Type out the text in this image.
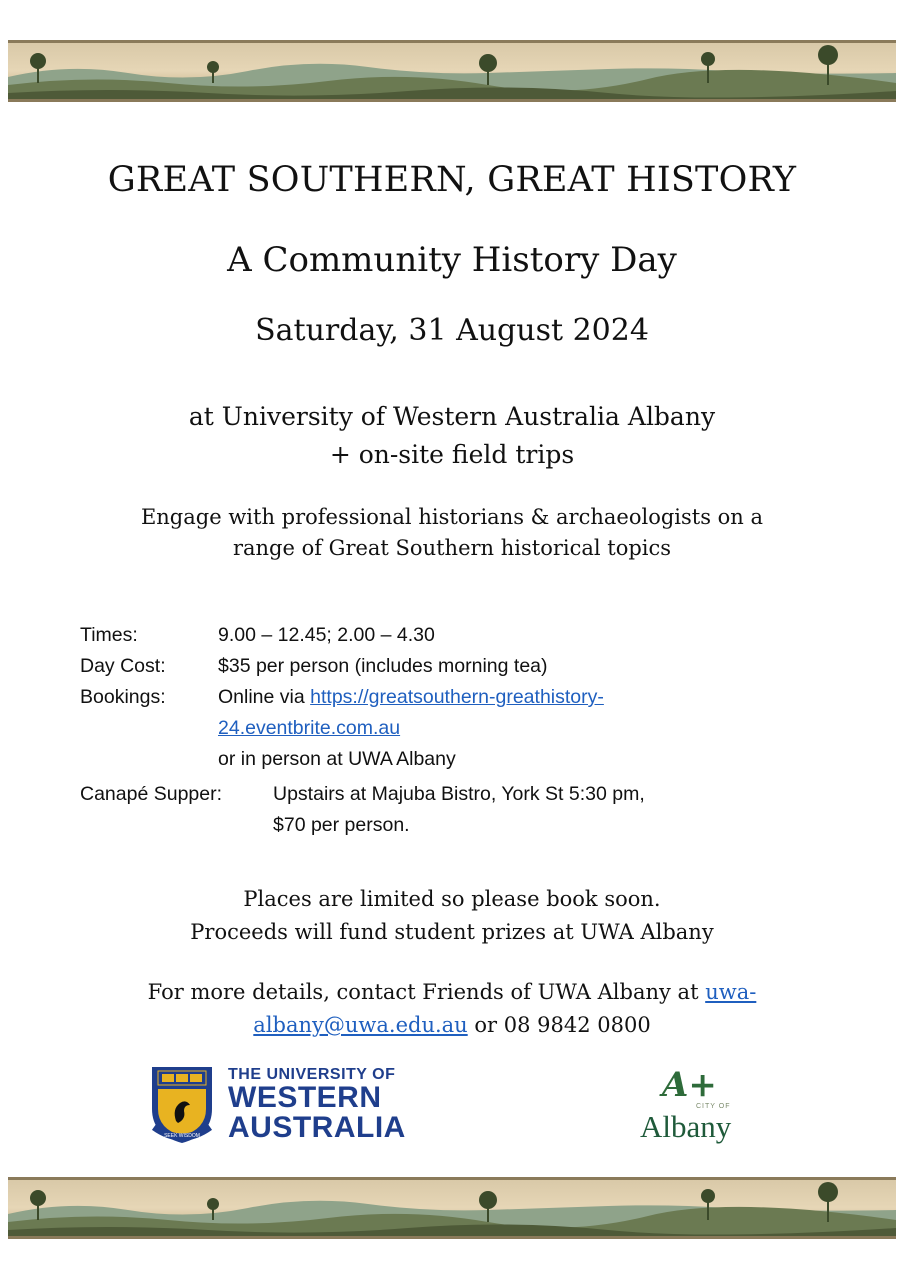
GREAT SOUTHERN, GREAT HISTORY
A Community History Day
Saturday, 31 August 2024
at University of Western Australia Albany
+ on-site field trips
Engage with professional historians & archaeologists on a
range of Great Southern historical topics
Times:	9.00 – 12.45; 2.00 – 4.30
Day Cost:	$35 per person (includes morning tea)
Bookings:	Online via https://greatsouthern-greathistory-
24.eventbrite.com.au
or in person at UWA Albany
Canapé Supper:	Upstairs at Majuba Bistro, York St 5:30 pm,
$70 per person.
Places are limited so please book soon.
Proceeds will fund student prizes at UWA Albany
For more details, contact Friends of UWA Albany at uwa-
albany@uwa.edu.au or 08 9842 0800
SEEK WISDOM
THE UNIVERSITY OF
WESTERN
AUSTRALIA
A+
CITY OF
Albany
